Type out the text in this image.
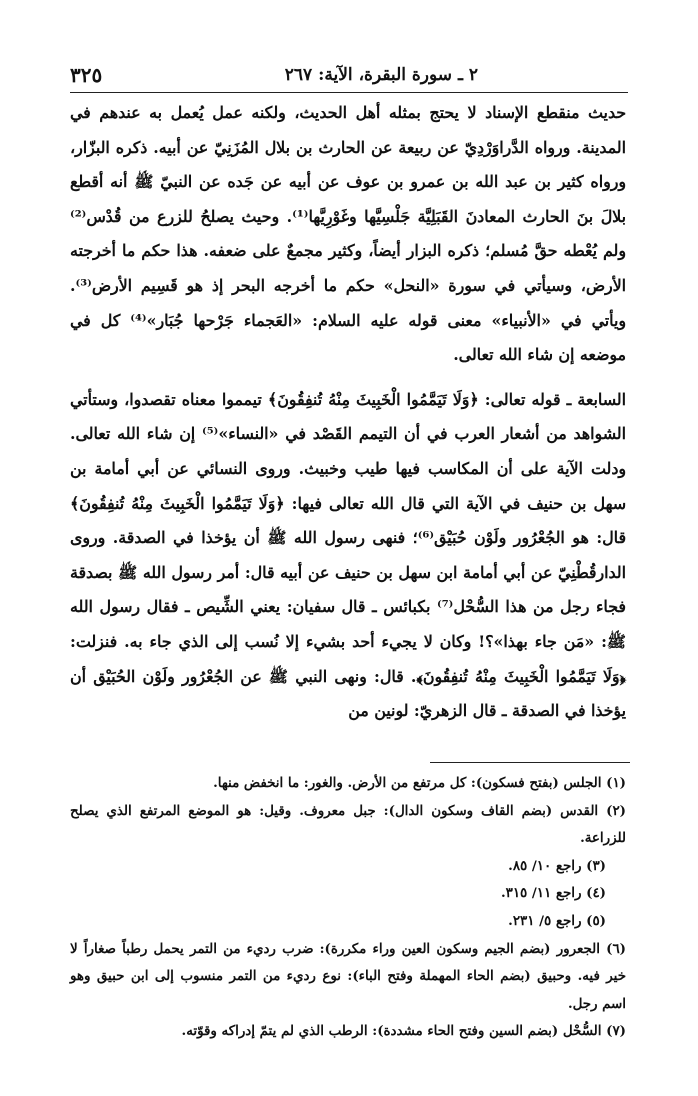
٢ ـ سورة البقرة، الآية: ٢٦٧
٣٢٥

حديث منقطع الإسناد لا يحتج بمثله أهل الحديث، ولكنه عمل يُعمل به عندهم في المدينة. ورواه الدَّراوَرْدِيّ عن ربيعة عن الحارث بن بلال المُزَنِيّ عن أبيه. ذكره البزّار، ورواه كثير بن عبد الله بن عمرو بن عوف عن أبيه عن جَده عن النبيّ ﷺ أنه أقطع بلالَ بنَ الحارث المعادنَ القَبَلِيَّة جَلْسِيَّها وغَوْرِيَّها⁽¹⁾. وحيث يصلحُ للزرع من قُدْس⁽²⁾ ولم يُعْطه حقَّ مُسلم؛ ذكره البزار أيضاً، وكثير مجمعٌ على ضعفه. هذا حكم ما أخرجته الأرض، وسيأتي في سورة «النحل» حكم ما أخرجه البحر إذ هو قَسِيم الأرض⁽³⁾. ويأتي في «الأنبياء» معنى قوله عليه السلام: «العَجماء جَرْحها جُبَار»⁽⁴⁾ كل في موضعه إن شاء الله تعالى.

السابعة ـ قوله تعالى: ﴿وَلَا تَيَمَّمُوا الْخَبِيثَ مِنْهُ تُنفِقُونَ﴾ تيمموا معناه تقصدوا، وستأتي الشواهد من أشعار العرب في أن التيمم القَصْد في «النساء»⁽⁵⁾ إن شاء الله تعالى. ودلت الآية على أن المكاسب فيها طيب وخبيث. وروى النسائي عن أبي أمامة بن سهل بن حنيف في الآية التي قال الله تعالى فيها: ﴿وَلَا تَيَمَّمُوا الْخَبِيثَ مِنْهُ تُنفِقُونَ﴾ قال: هو الجُعْرُور ولَوْن حُبَيْق⁽⁶⁾؛ فنهى رسول الله ﷺ أن يؤخذا في الصدقة. وروى الدارقُطْنِيّ عن أبي أمامة ابن سهل بن حنيف عن أبيه قال: أمر رسول الله ﷺ بصدقة فجاء رجل من هذا السُّحْل⁽⁷⁾ بكبائس ـ قال سفيان: يعني الشِّيص ـ فقال رسول الله ﷺ: «مَن جاء بهذا»؟! وكان لا يجيء أحد بشيء إلا نُسب إلى الذي جاء به. فنزلت: ﴿وَلَا تَيَمَّمُوا الْخَبِيثَ مِنْهُ تُنفِقُونَ﴾. قال: ونهى النبي ﷺ عن الجُعْرُور ولَوْن الحُبَيْق أن يؤخذا في الصدقة ـ قال الزهريّ: لونين من

(١) الجلس (بفتح فسكون): كل مرتفع من الأرض. والغور: ما انخفض منها.

(٢) القدس (بضم القاف وسكون الدال): جبل معروف. وقيل: هو الموضع المرتفع الذي يصلح للزراعة.

(٣) راجع ١٠/ ٨٥.

(٤) راجع ١١/ ٣١٥.

(٥) راجع ٥/ ٢٣١.

(٦) الجعرور (بضم الجيم وسكون العين وراء مكررة): ضرب رديء من التمر يحمل رطباً صغاراً لا خير فيه. وحبيق (بضم الحاء المهملة وفتح الباء): نوع رديء من التمر منسوب إلى ابن حبيق وهو اسم رجل.

(٧) السُّحْل (بضم السين وفتح الحاء مشددة): الرطب الذي لم يتمّ إدراكه وقوّته.
